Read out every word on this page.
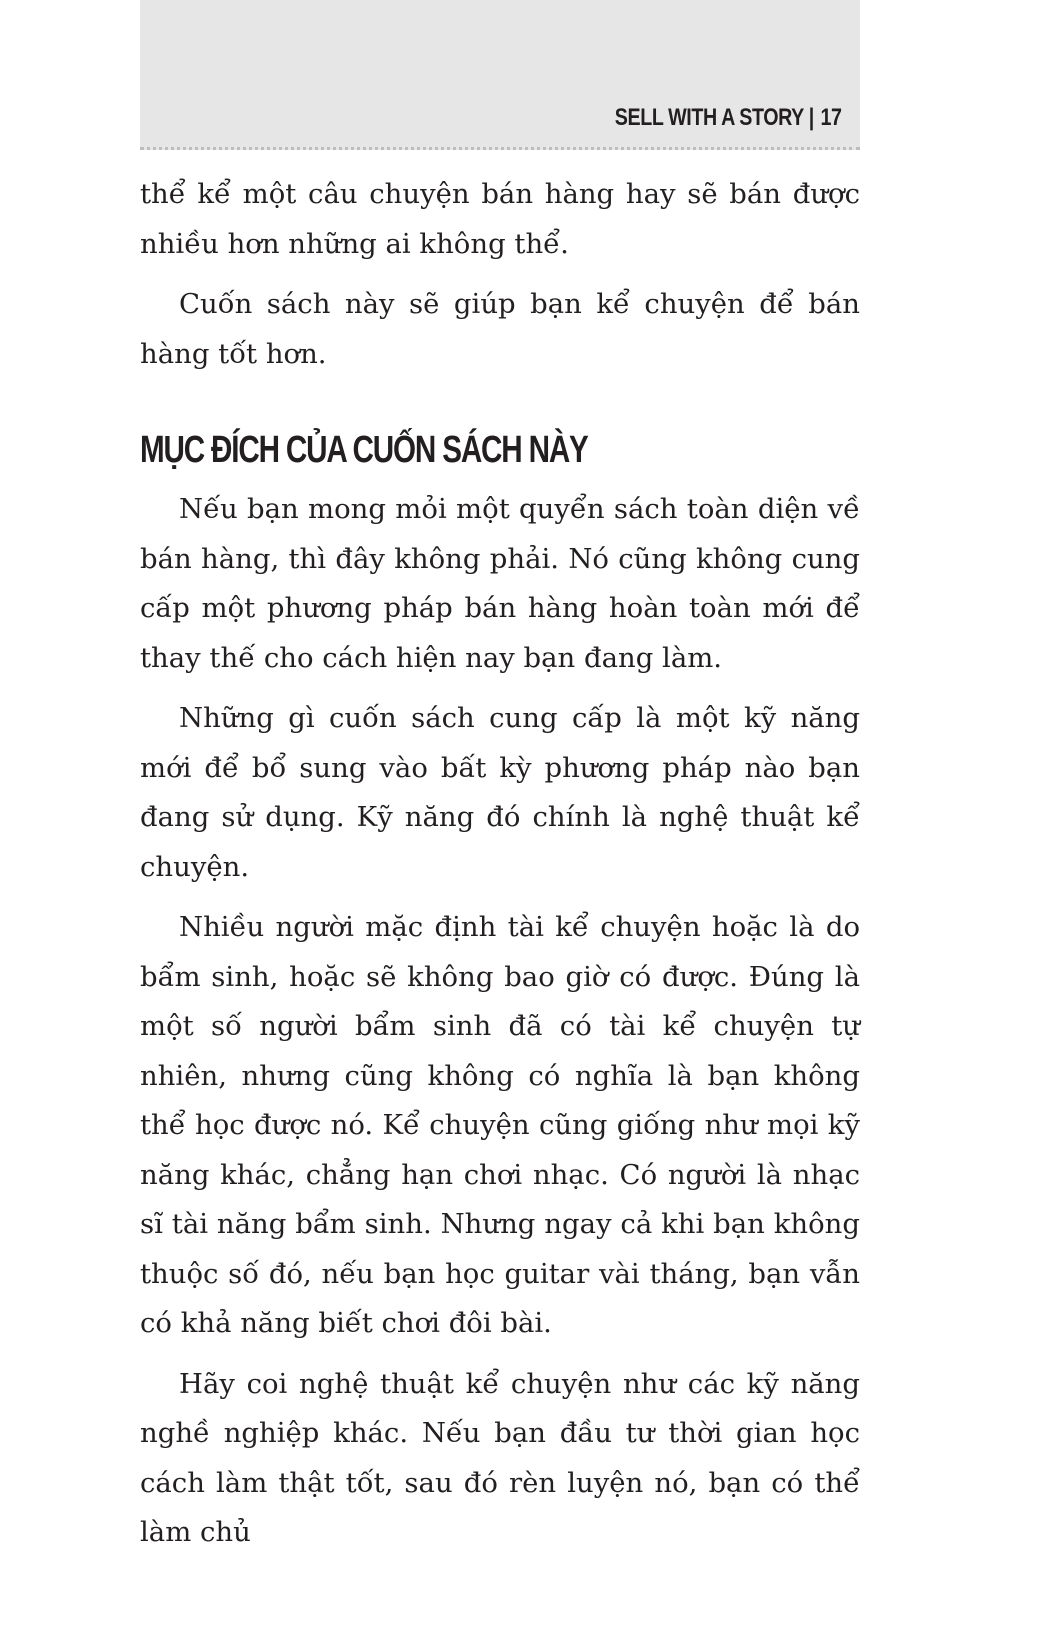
SELL WITH A STORY | 17

thể kể một câu chuyện bán hàng hay sẽ bán được nhiều hơn những ai không thể.

Cuốn sách này sẽ giúp bạn kể chuyện để bán hàng tốt hơn.

MỤC ĐÍCH CỦA CUỐN SÁCH NÀY

Nếu bạn mong mỏi một quyển sách toàn diện về bán hàng, thì đây không phải. Nó cũng không cung cấp một phương pháp bán hàng hoàn toàn mới để thay thế cho cách hiện nay bạn đang làm.

Những gì cuốn sách cung cấp là một kỹ năng mới để bổ sung vào bất kỳ phương pháp nào bạn đang sử dụng. Kỹ năng đó chính là nghệ thuật kể chuyện.

Nhiều người mặc định tài kể chuyện hoặc là do bẩm sinh, hoặc sẽ không bao giờ có được. Đúng là một số người bẩm sinh đã có tài kể chuyện tự nhiên, nhưng cũng không có nghĩa là bạn không thể học được nó. Kể chuyện cũng giống như mọi kỹ năng khác, chẳng hạn chơi nhạc. Có người là nhạc sĩ tài năng bẩm sinh. Nhưng ngay cả khi bạn không thuộc số đó, nếu bạn học guitar vài tháng, bạn vẫn có khả năng biết chơi đôi bài.

Hãy coi nghệ thuật kể chuyện như các kỹ năng nghề nghiệp khác. Nếu bạn đầu tư thời gian học cách làm thật tốt, sau đó rèn luyện nó, bạn có thể làm chủ
